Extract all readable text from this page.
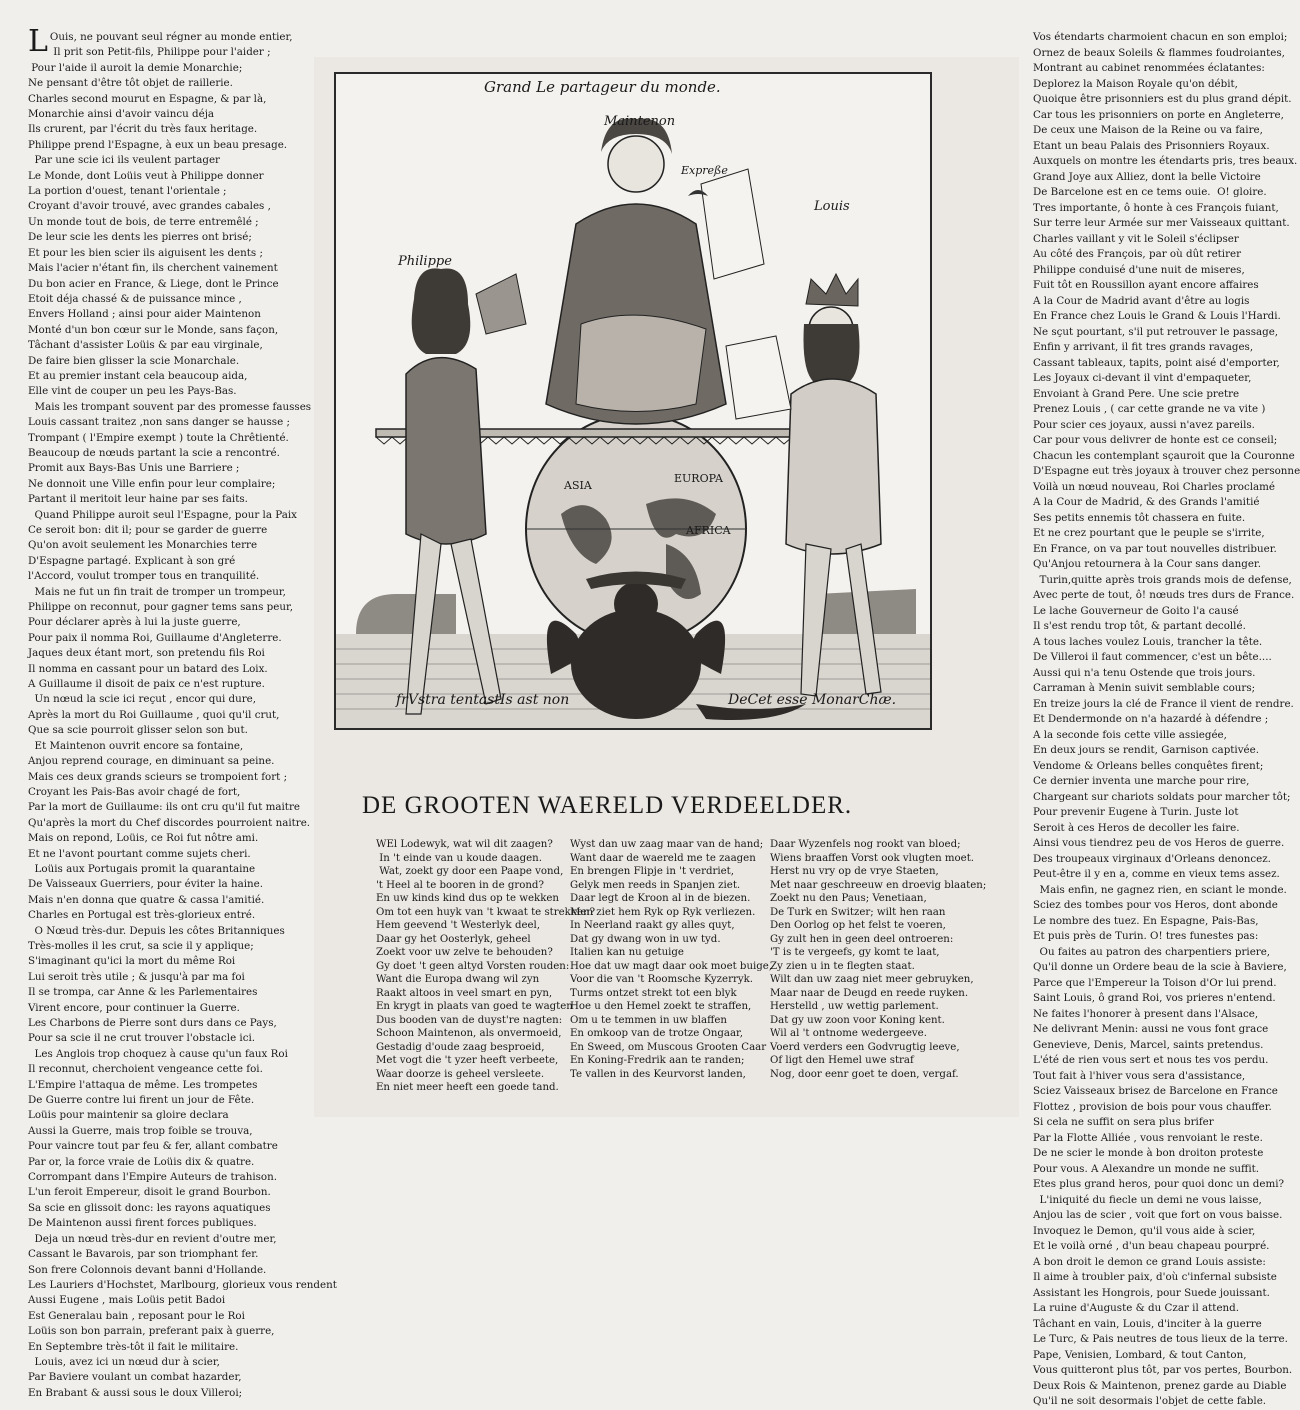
L Ouis, ne pouvant seul régner au monde entier,
Il prit son Petit-fils, Philippe pour l'aider ;
Pour l'aide il auroit la demie Monarchie;
Ne pensant d'être tôt objet de raillerie.
Charles second mourut en Espagne, & par là,
Monarchie ainsi d'avoir vaincu déja
Ils crurent, par l'écrit du très faux heritage.
Philippe prend l'Espagne, à eux un beau presage.
Par une scie ici ils veulent partager
Le Monde, dont Loüis veut à Philippe donner
La portion d'ouest, tenant l'orientale ;
Croyant d'avoir trouvé, avec grandes cabales ,
Un monde tout de bois, de terre entremêlé ;
De leur scie les dents les pierres ont brisé;
Et pour les bien scier ils aiguisent les dents ;
Mais l'acier n'étant fin, ils cherchent vainement
Du bon acier en France, & Liege, dont le Prince
Etoit déja chassé & de puissance mince ,
Envers Holland ; ainsi pour aider Maintenon
Monté d'un bon cœur sur le Monde, sans façon,
Tâchant d'assister Loüis & par eau virginale,
De faire bien glisser la scie Monarchale.
Et au premier instant cela beaucoup aida,
Elle vint de couper un peu les Pays-Bas.
Mais les trompant souvent par des promesse fausses
Louis cassant traitez ,non sans danger se hausse ;
Trompant ( l'Empire exempt ) toute la Chrêtienté.
Beaucoup de nœuds partant la scie a rencontré.
Promit aux Bays-Bas Unis une Barriere ;
Ne donnoit une Ville enfin pour leur complaire;
Partant il meritoit leur haine par ses faits.
Quand Philippe auroit seul l'Espagne, pour la Paix
Ce seroit bon: dit il; pour se garder de guerre
Qu'on avoit seulement les Monarchies terre
D'Espagne partagé. Explicant à son gré
l'Accord, voulut tromper tous en tranquilité.
Mais ne fut un fin trait de tromper un trompeur,
Philippe on reconnut, pour gagner tems sans peur,
Pour déclarer après à lui la juste guerre,
Pour paix il nomma Roi, Guillaume d'Angleterre.
Jaques deux étant mort, son pretendu fils Roi
Il nomma en cassant pour un batard des Loix.
A Guillaume il disoit de paix ce n'est rupture.
Un nœud la scie ici reçut , encor qui dure,
Après la mort du Roi Guillaume , quoi qu'il crut,
Que sa scie pourroit glisser selon son but.
Et Maintenon ouvrit encore sa fontaine,
Anjou reprend courage, en diminuant sa peine.
Mais ces deux grands scieurs se trompoient fort ;
Croyant les Pais-Bas avoir chagé de fort,
Par la mort de Guillaume: ils ont cru qu'il fut maitre
Qu'après la mort du Chef discordes pourroient naitre.
Mais on repond, Loüis, ce Roi fut nôtre ami.
Et ne l'avont pourtant comme sujets cheri.
Loüis aux Portugais promit la quarantaine
De Vaisseaux Guerriers, pour éviter la haine.
Mais n'en donna que quatre & cassa l'amitié.
Charles en Portugal est très-glorieux entré.
O Nœud très-dur. Depuis les côtes Britanniques
Très-molles il les crut, sa scie il y applique;
S'imaginant qu'ici la mort du même Roi
Lui seroit très utile ; & jusqu'à par ma foi
Il se trompa, car Anne & les Parlementaires
Virent encore, pour continuer la Guerre.
Les Charbons de Pierre sont durs dans ce Pays,
Pour sa scie il ne crut trouver l'obstacle ici.
Les Anglois trop choquez à cause qu'un faux Roi
Il reconnut, cherchoient vengeance cette foi.
L'Empire l'attaqua de même. Les trompetes
De Guerre contre lui firent un jour de Fête.
Loüis pour maintenir sa gloire declara
Aussi la Guerre, mais trop foible se trouva,
Pour vaincre tout par feu & fer, allant combatre
Par or, la force vraie de Loüis dix & quatre.
Corrompant dans l'Empire Auteurs de trahison.
L'un feroit Empereur, disoit le grand Bourbon.
Sa scie en glissoit donc: les rayons aquatiques
De Maintenon aussi firent forces publiques.
Deja un nœud très-dur en revient d'outre mer,
Cassant le Bavarois, par son triomphant fer.
Son frere Colonnois devant banni d'Hollande.
Les Lauriers d'Hochstet, Marlbourg, glorieux vous rendent
Aussi Eugene , mais Loüis petit Badoi
Est Generalau bain , reposant pour le Roi
Loüis son bon parrain, preferant paix à guerre,
En Septembre très-tôt il fait le militaire.
Louis, avez ici un nœud dur à scier,
Par Baviere voulant un combat hazarder,
En Brabant & aussi sous le doux Villeroi;
Grand Le partageur du monde.
Maintenon
Expreße
Philippe
Louis
EUROPA
ASIA
AFRICA
frVstra tentastIs ast non	DeCet esse MonarChæ.
DE GROOTEN WAERELD VERDEELDER.
WEl Lodewyk, wat wil dit zaagen?
In 't einde van u koude daagen.
Wat, zoekt gy door een Paape vond,
't Heel al te booren in de grond?
En uw kinds kind dus op te wekken
Om tot een huyk van 't kwaat te
Hem geevend 't Westerlyk deel,
Daar gy het Oosterlyk, geheel
Zoekt voor uw zelve te behouden?
Gy doet 't geen altyd Vorsten rouden:
Want die Europa dwang wil zyn
Raakt altoos in veel smart en pyn,
En krygt in plaats van goed te wagten
Dus booden van de duyst're nagten:
Schoon Maintenon, als onvermoeid,
Gestadig d'oude zaag besproeid,
Met vogt die 't yzer heeft verbeete,
Waar doorze is geheel versleete.
En niet meer heeft een goede tand.
Wyst dan uw zaag maar van de hand;
Want daar de waereld me te zaagen
En brengen Flipje in 't verdriet,
Gelyk men reeds in Spanjen ziet.
Daar legt de Kroon al in de biezen.
Men ziet hem Ryk op Ryk verliezen.
In Neerland raakt gy alles quyt,
Dat gy dwang won in uw tyd.
Italien kan nu getuige
Hoe dat uw magt daar ook moet buige,
Voor die van 't Roomsche Kyzerryk.
Turms ontzet strekt tot een blyk
Hoe u den Hemel zoekt te straffen,
Om u te temmen in uw blaffen
En omkoop van de trotze Ongaar,
En Sweed, om Muscous Grooten Caar
En Koning-Fredrik aan te randen;
Te vallen in des Keurvorst landen,
Daar Wyzenfels nog rookt van bloed;
Wiens braaffen Vorst ook vlugten moet.
Herst nu vry op de vrye Staeten,
Met naar geschreeuw en droevig
Zoekt nu den Paus; Venetiaan,
De Turk en Switzer; wilt hen raan
Den Oorlog op het felst te voeren,
Gy zult hen in geen deel ontroeren:
'T is te vergeefs, gy komt te laat,
Zy zien u in te flegten staat.
Wilt dan uw zaag niet meer gebruyken,
Maar naar de Deugd en reede ruyken.
Herstelld , uw wettig parlement.
Dat gy uw zoon voor Koning kent.
Wil al 't ontnome wedergeeve.
Voerd verders een Godvrugtig leeve,
Of ligt den Hemel uwe straf
Nog, door eenr goet te doen, vergaf.
Vos étendarts charmoient chacun en son emploi;
Ornez de beaux Soleils & flammes foudroiantes,
Montrant au cabinet renommées éclatantes:
Deplorez la Maison Royale qu'on débit,
Quoique être prisonniers est du plus grand dépit.
Car tous les prisonniers on porte en Angleterre,
De ceux une Maison de la Reine ou va faire,
Etant un beau Palais des Prisonniers Royaux.
Auxquels on montre les étendarts pris, tres beaux.
Grand Joye aux Alliez, dont la belle Victoire
De Barcelone est en ce tems ouie.  O! gloire.
Tres importante, ô honte à ces François fuiant,
Sur terre leur Armée sur mer Vaisseaux quittant.
Charles vaillant y vit le Soleil s'éclipser
Au côté des François, par où dût retirer
Philippe conduisé d'une nuit de miseres,
Fuit tôt en Roussillon ayant encore affaires
A la Cour de Madrid avant d'être au logis
En France chez Louis le Grand & Louis l'Hardi.
Ne sçut pourtant, s'il put retrouver le passage,
Enfin y arrivant, il fit tres grands ravages,
Cassant tableaux, tapits, point aisé d'emporter,
Les Joyaux ci-devant il vint d'empaqueter,
Envoiant à Grand Pere. Une scie pretre
Prenez Louis , ( car cette grande ne va vite )
Pour scier ces joyaux, aussi n'avez pareils.
Car pour vous delivrer de honte est ce conseil;
Chacun les contemplant sçauroit que la Couronne
D'Espagne eut très joyaux à trouver chez personne
Voilà un nœud nouveau, Roi Charles proclamé
A la Cour de Madrid, & des Grands l'amitié
Ses petits ennemis tôt chassera en fuite.
Et ne crez pourtant que le peuple se s'irrite,
En France, on va par tout nouvelles distribuer.
Qu'Anjou retournera à la Cour sans danger.
Turin,quitte après trois grands mois de defense,
Avec perte de tout, ô! nœuds tres durs de France.
Le lache Gouverneur de Goito l'a causé
Il s'est rendu trop tôt, & partant decollé.
A tous laches voulez Louis, trancher la tête.
De Villeroi il faut commencer, c'est un bête....
Aussi qui n'a tenu Ostende que trois jours.
Carraman à Menin suivit semblable cours;
En treize jours la clé de France il vient de rendre.
Et Dendermonde on n'a hazardé à défendre ;
A la seconde fois cette ville assiegée,
En deux jours se rendit, Garnison captivée.
Vendome & Orleans belles conquêtes firent;
Ce dernier inventa une marche pour rire,
Chargeant sur chariots soldats pour marcher tôt;
Pour prevenir Eugene à Turin. Juste lot
Seroit à ces Heros de decoller les faire.
Ainsi vous tiendrez peu de vos Heros de guerre.
Des troupeaux virginaux d'Orleans denoncez.
Peut-être il y en a, comme en vieux tems assez.
Mais enfin, ne gagnez rien, en sciant le monde.
Sciez des tombes pour vos Heros, dont abonde
Le nombre des tuez. En Espagne, Pais-Bas,
Et puis près de Turin. O! tres funestes pas:
Ou faites au patron des charpentiers priere,
Qu'il donne un Ordere beau de la scie à Baviere,
Parce que l'Empereur la Toison d'Or lui prend.
Saint Louis, ô grand Roi, vos prieres n'entend.
Ne faites l'honorer à present dans l'Alsace,
Ne delivrant Menin: aussi ne vous font grace
Genevieve, Denis, Marcel, saints pretendus.
L'été de rien vous sert et nous tes vos perdu.
Tout fait à l'hiver vous sera d'assistance,
Sciez Vaisseaux brisez de Barcelone en France
Flottez , provision de bois pour vous chauffer.
Si cela ne suffit on sera plus brifer
Par la Flotte Alliée , vous renvoiant le reste.
De ne scier le monde à bon droiton proteste
Pour vous. A Alexandre un monde ne suffit.
Etes plus grand heros, pour quoi donc un demi?
L'iniquité du fiecle un demi ne vous laisse,
Anjou las de scier , voit que fort on vous baisse.
Invoquez le Demon, qu'il vous aide à scier,
Et le voilà orné , d'un beau chapeau pourpré.
A bon droit le demon ce grand Louis assiste:
Il aime à troubler paix, d'où c'infernal subsiste
Assistant les Hongrois, pour Suede jouissant.
La ruine d'Auguste & du Czar il attend.
Tâchant en vain, Louis, d'inciter à la guerre
Le Turc, & Pais neutres de tous lieux de la terre.
Pape, Venisien, Lombard, & tout Canton,
Vous quitteront plus tôt, par vos pertes, Bourbon.
Deux Rois & Maintenon, prenez garde au Diable
Qu'il ne soit desormais l'objet de cette fable.
